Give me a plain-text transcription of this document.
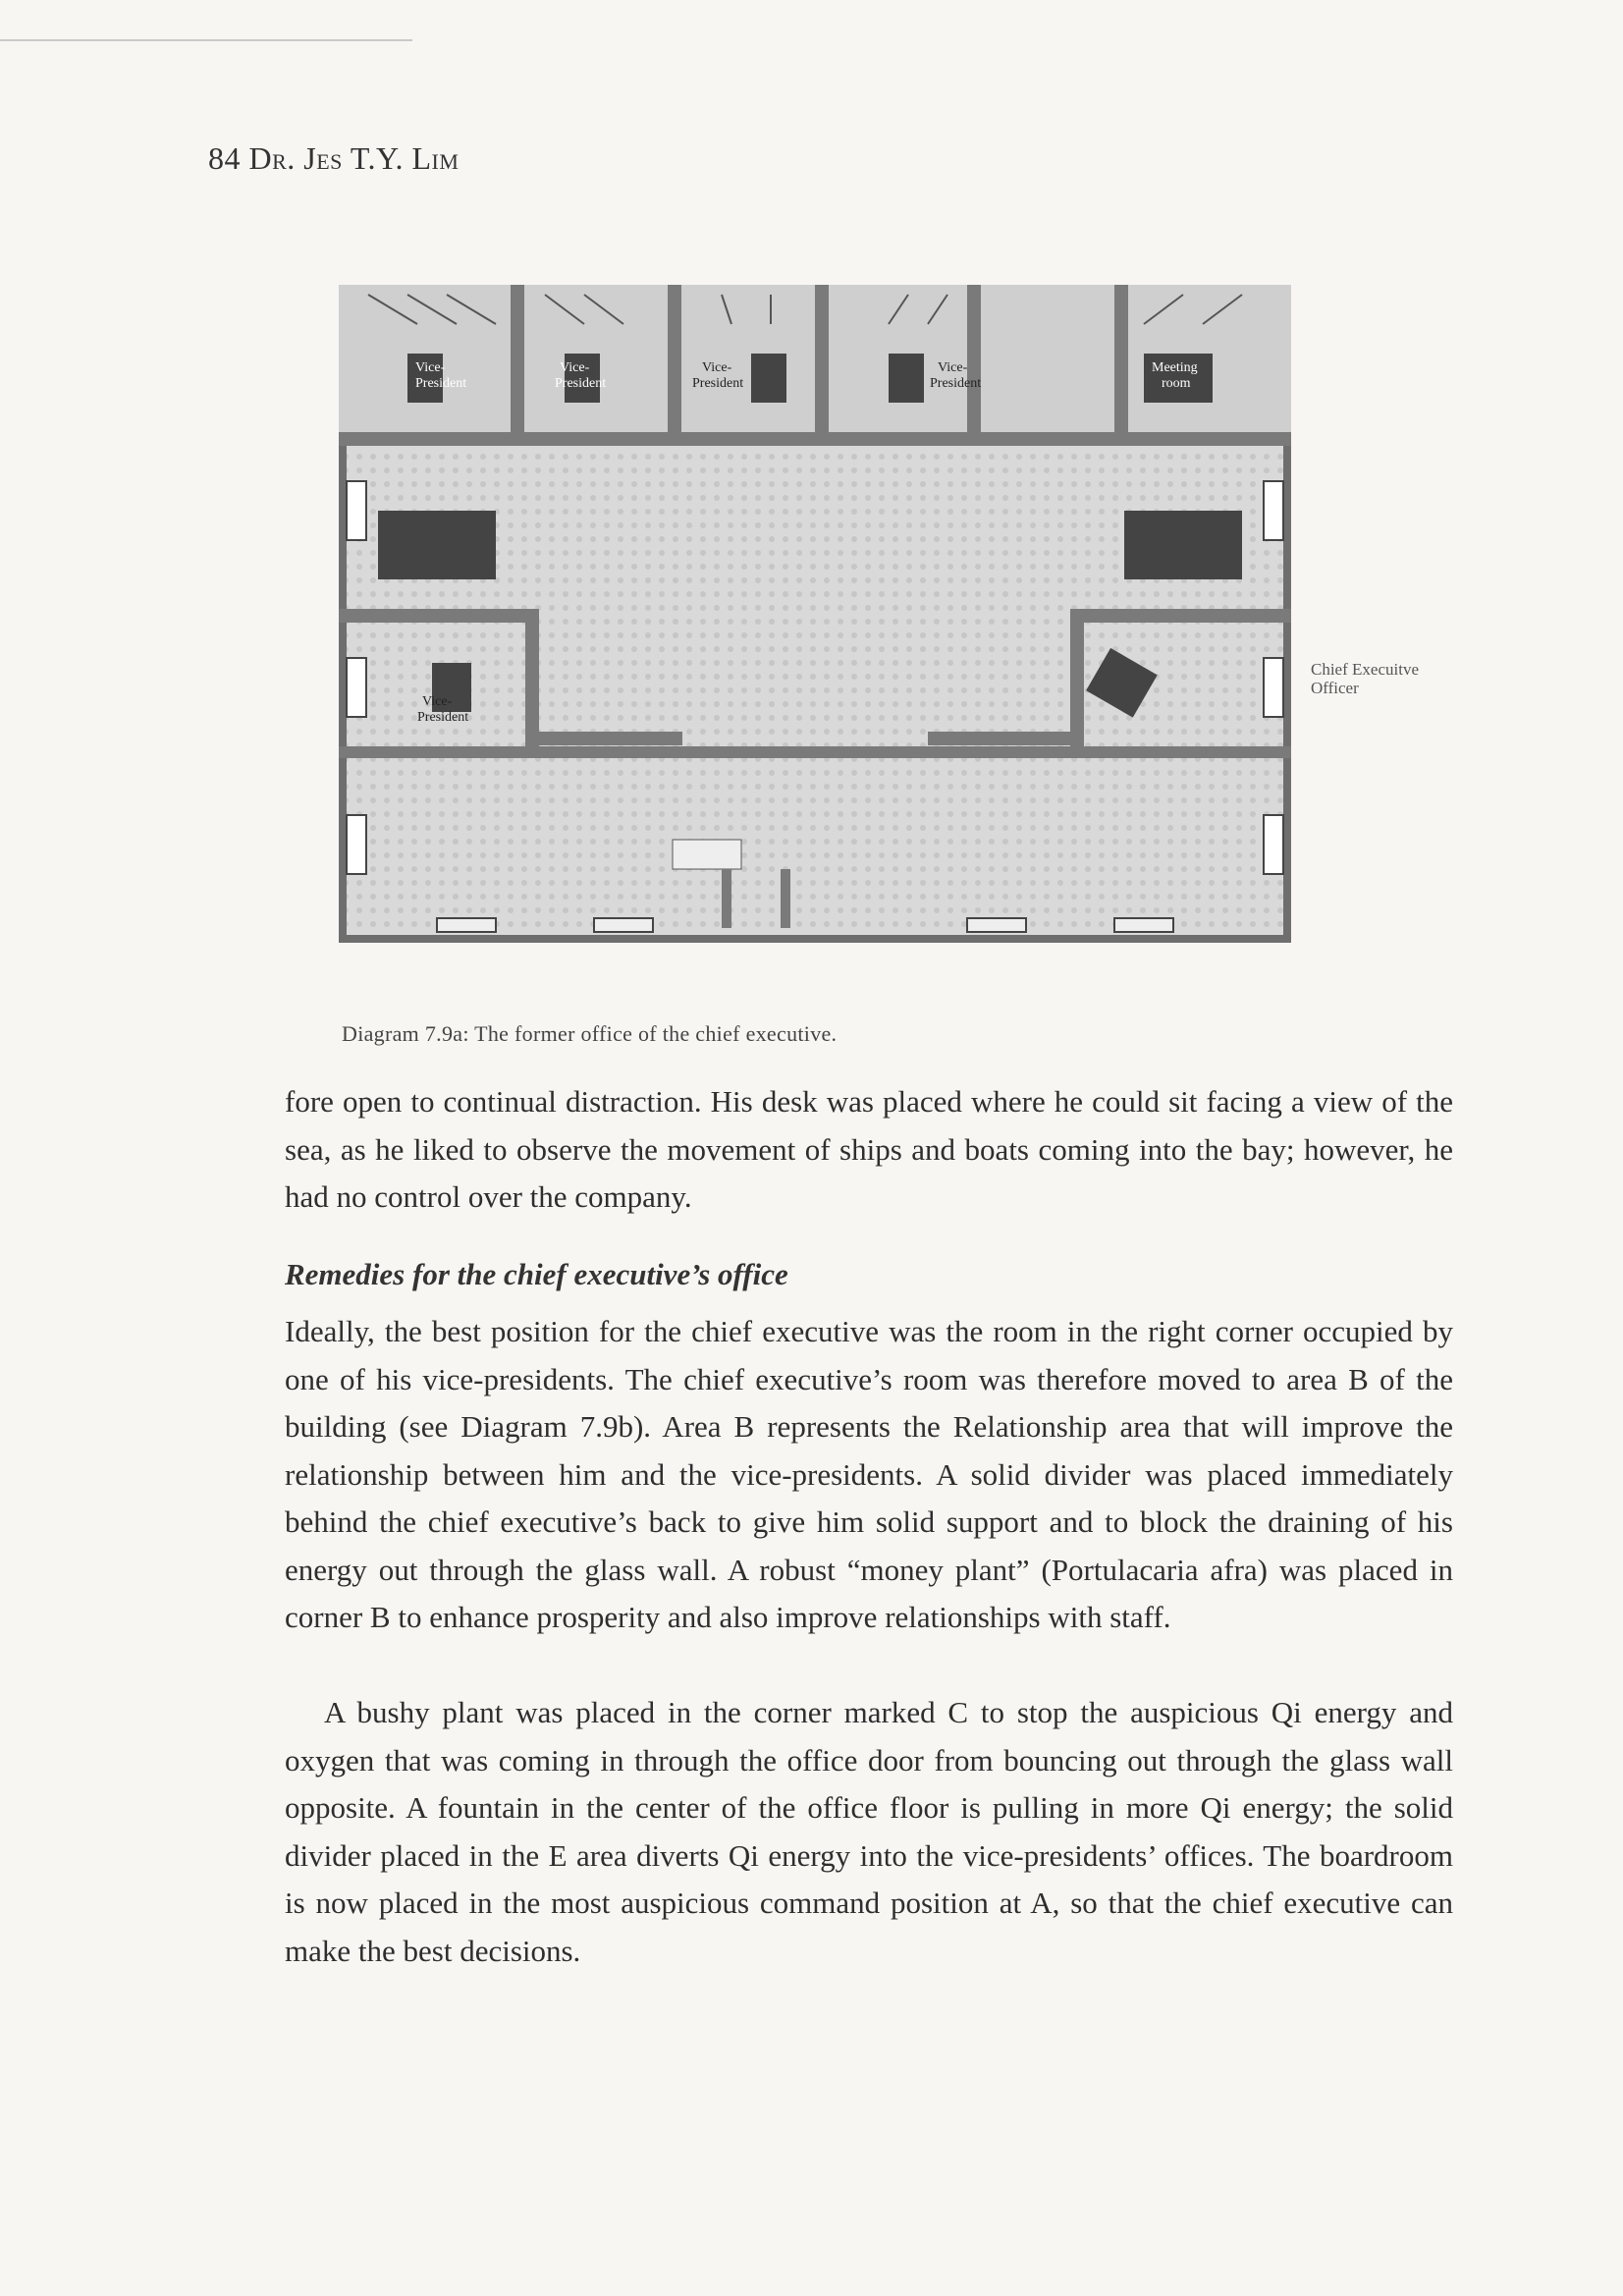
84 Dr. Jes T.Y. Lim
Vice-
President
Vice-
President
Vice-
President
Vice-
President
Meeting
room
Vice-
President
Chief Execuitve
Officer
Diagram 7.9a: The former office of the chief executive.

fore open to continual distraction. His desk was placed where he could sit facing a view of the sea, as he liked to observe the movement of ships and boats coming into the bay; however, he had no control over the company.

Remedies for the chief executive’s office

Ideally, the best position for the chief executive was the room in the right corner occupied by one of his vice-presidents. The chief executive’s room was therefore moved to area B of the building (see Diagram 7.9b). Area B represents the Relationship area that will improve the relationship between him and the vice-presidents. A solid divider was placed immediately behind the chief executive’s back to give him solid support and to block the draining of his energy out through the glass wall. A robust “money plant” (Portulacaria afra) was placed in corner B to enhance prosperity and also improve relationships with staff.

A bushy plant was placed in the corner marked C to stop the auspicious Qi energy and oxygen that was coming in through the office door from bouncing out through the glass wall opposite. A fountain in the center of the office floor is pulling in more Qi energy; the solid divider placed in the E area diverts Qi energy into the vice-presidents’ offices. The boardroom is now placed in the most auspicious command position at A, so that the chief executive can make the best decisions.
